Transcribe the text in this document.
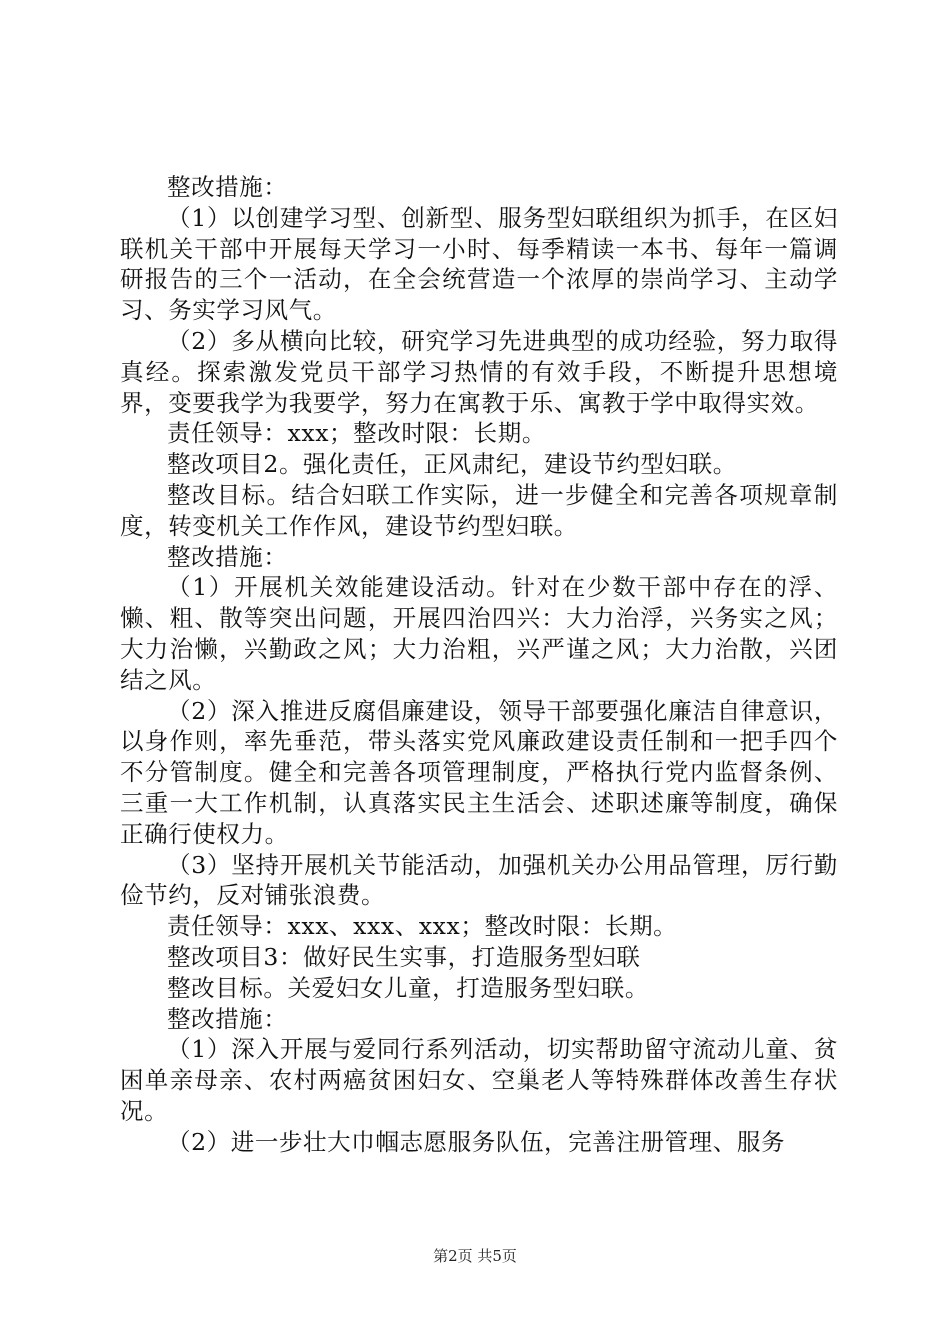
整改措施：

（1）以创建学习型、创新型、服务型妇联组织为抓手，在区妇联机关干部中开展每天学习一小时、每季精读一本书、每年一篇调研报告的三个一活动，在全会统营造一个浓厚的崇尚学习、主动学习、务实学习风气。

（2）多从横向比较，研究学习先进典型的成功经验，努力取得真经。探索激发党员干部学习热情的有效手段，不断提升思想境界，变要我学为我要学，努力在寓教于乐、寓教于学中取得实效。

责任领导：xxx；整改时限：长期。

整改项目2。强化责任，正风肃纪，建设节约型妇联。

整改目标。结合妇联工作实际，进一步健全和完善各项规章制度，转变机关工作作风，建设节约型妇联。

整改措施：

（1）开展机关效能建设活动。针对在少数干部中存在的浮、懒、粗、散等突出问题，开展四治四兴：大力治浮，兴务实之风；大力治懒，兴勤政之风；大力治粗，兴严谨之风；大力治散，兴团结之风。

（2）深入推进反腐倡廉建设，领导干部要强化廉洁自律意识，以身作则，率先垂范，带头落实党风廉政建设责任制和一把手四个不分管制度。健全和完善各项管理制度，严格执行党内监督条例、三重一大工作机制，认真落实民主生活会、述职述廉等制度，确保正确行使权力。

（3）坚持开展机关节能活动，加强机关办公用品管理，厉行勤俭节约，反对铺张浪费。

责任领导：xxx、xxx、xxx；整改时限：长期。

整改项目3：做好民生实事，打造服务型妇联

整改目标。关爱妇女儿童，打造服务型妇联。

整改措施：

（1）深入开展与爱同行系列活动，切实帮助留守流动儿童、贫困单亲母亲、农村两癌贫困妇女、空巢老人等特殊群体改善生存状况。

（2）进一步壮大巾帼志愿服务队伍，完善注册管理、服务

第2页 共5页
